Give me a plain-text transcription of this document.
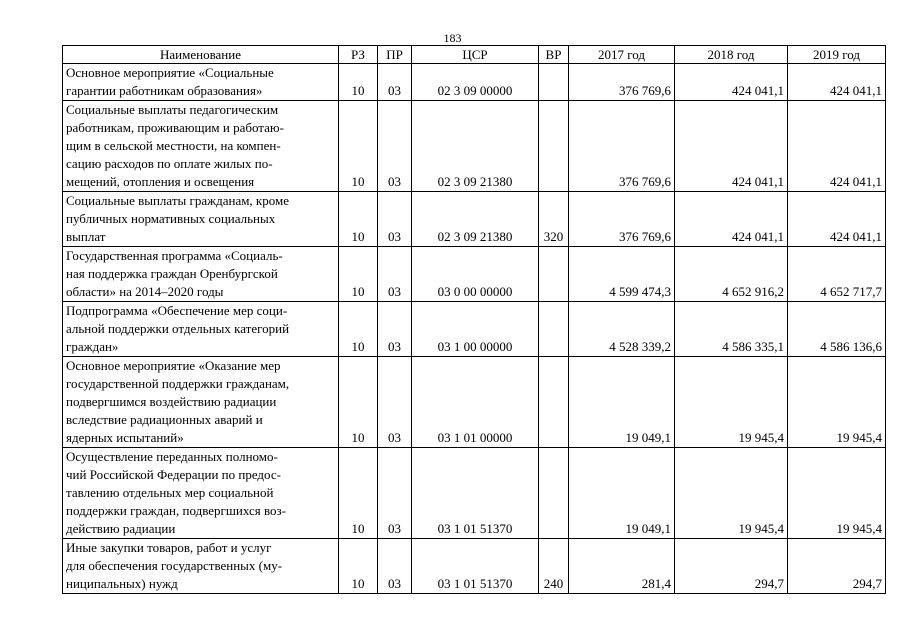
183
Наименование	РЗ	ПР	ЦСР	ВР	2017 год	2018 год	2019 год

Основное мероприятие «Социальные
гарантии работникам образования»	10	03	02 3 09 00000		376 769,6	424 041,1	424 041,1

Социальные выплаты педагогическим
работникам, проживающим и работаю-
щим в сельской местности, на компен-
сацию расходов по оплате жилых по-
мещений, отопления и освещения	10	03	02 3 09 21380		376 769,6	424 041,1	424 041,1

Социальные выплаты гражданам, кроме
публичных нормативных социальных
выплат	10	03	02 3 09 21380	320	376 769,6	424 041,1	424 041,1

Государственная программа «Социаль-
ная поддержка граждан Оренбургской
области» на 2014–2020 годы	10	03	03 0 00 00000		4 599 474,3	4 652 916,2	4 652 717,7

Подпрограмма «Обеспечение мер соци-
альной поддержки отдельных категорий
граждан»	10	03	03 1 00 00000		4 528 339,2	4 586 335,1	4 586 136,6

Основное мероприятие «Оказание мер
государственной поддержки гражданам,
подвергшимся воздействию радиации
вследствие радиационных аварий и
ядерных испытаний»	10	03	03 1 01 00000		19 049,1	19 945,4	19 945,4

Осуществление переданных полномо-
чий Российской Федерации по предос-
тавлению отдельных мер социальной
поддержки граждан, подвергшихся воз-
действию радиации	10	03	03 1 01 51370		19 049,1	19 945,4	19 945,4

Иные закупки товаров, работ и услуг
для обеспечения государственных (му-
ниципальных) нужд	10	03	03 1 01 51370	240	281,4	294,7	294,7
